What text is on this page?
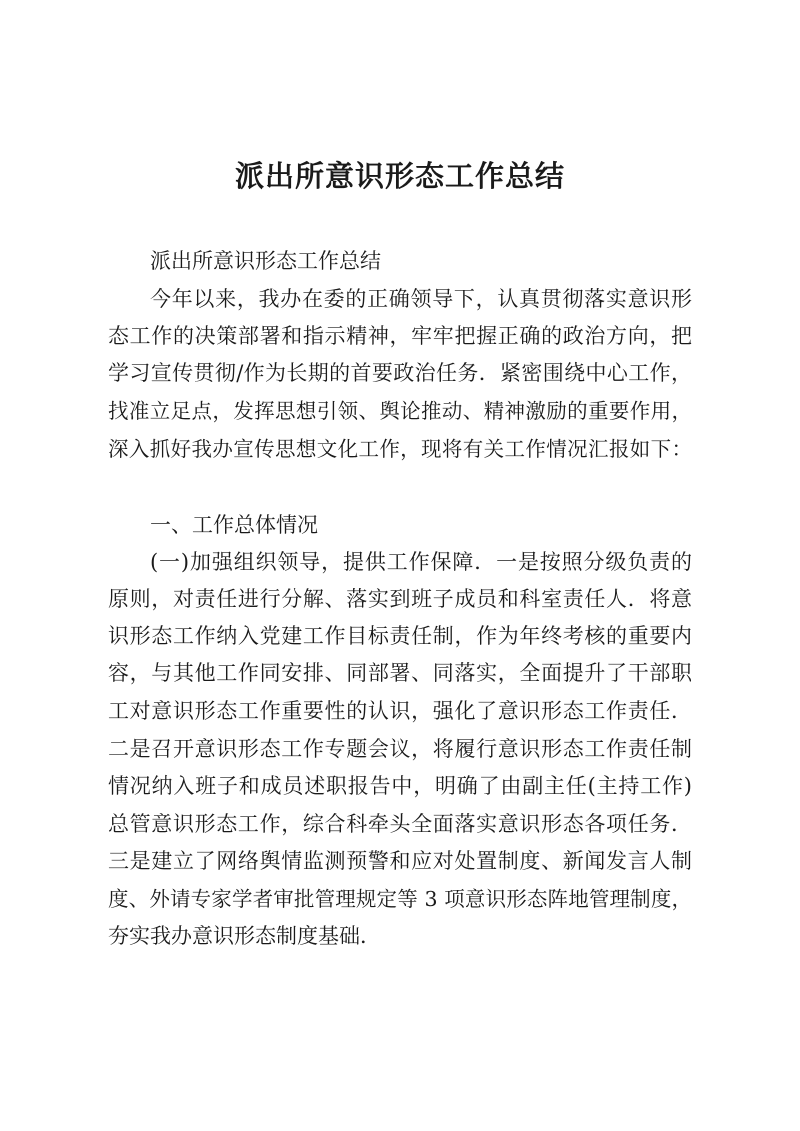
派出所意识形态工作总结

派出所意识形态工作总结

今年以来，我办在委的正确领导下，认真贯彻落实意识形

态工作的决策部署和指示精神，牢牢把握正确的政治方向，把

学习宣传贯彻/作为长期的首要政治任务．紧密围绕中心工作，

找准立足点，发挥思想引领、舆论推动、精神激励的重要作用，

深入抓好我办宣传思想文化工作，现将有关工作情况汇报如下：

一、工作总体情况

(一)加强组织领导，提供工作保障．一是按照分级负责的

原则，对责任进行分解、落实到班子成员和科室责任人．将意

识形态工作纳入党建工作目标责任制，作为年终考核的重要内

容，与其他工作同安排、同部署、同落实，全面提升了干部职

工对意识形态工作重要性的认识，强化了意识形态工作责任．

二是召开意识形态工作专题会议，将履行意识形态工作责任制

情况纳入班子和成员述职报告中，明确了由副主任(主持工作)

总管意识形态工作，综合科牵头全面落实意识形态各项任务．

三是建立了网络舆情监测预警和应对处置制度、新闻发言人制

度、外请专家学者审批管理规定等 3 项意识形态阵地管理制度，

夯实我办意识形态制度基础．
